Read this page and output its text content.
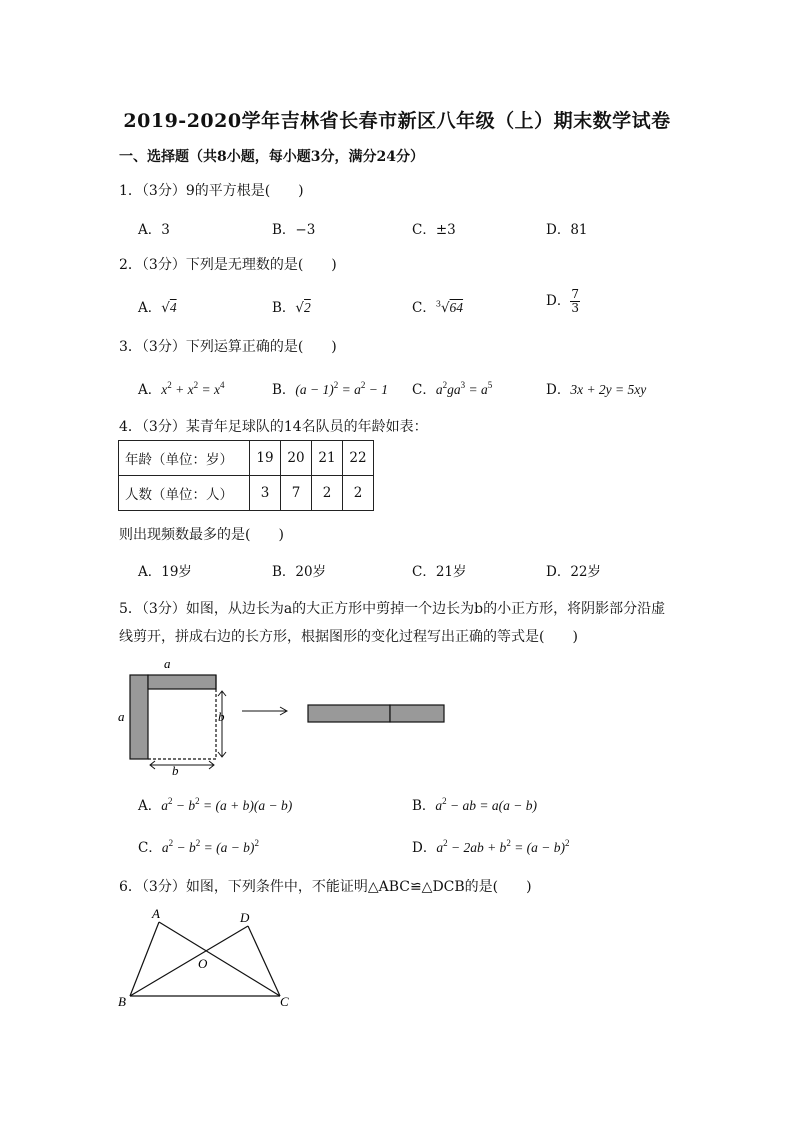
2019-2020学年吉林省长春市新区八年级（上）期末数学试卷
一、选择题（共8小题，每小题3分，满分24分）
1．（3分）9的平方根是(　　)
A．3	B．−3	C．±3	D．81
2．（3分）下列是无理数的是(　　)
A．√4	B．√2	C．$^3$√64	D． $\frac{7}{3}$
3．（3分）下列运算正确的是(　　)
A．$x^2 + x^2 = x^4$	B．$(a - 1)^2 = a^2 - 1$ C．$a^2ga^3 = a^5$	D．3x + 2y = 5xy
4．（3分）某青年足球队的14名队员的年龄如表：
年龄（单位：岁）	19	20	21	22
人数（单位：人）	3	7	2	2
则出现频数最多的是(　　)
A．19岁	B．20岁	C．21岁	D．22岁
5．（3分）如图，从边长为a的大正方形中剪掉一个边长为b的小正方形，将阴影部分沿虚
线剪开，拼成右边的长方形，根据图形的变化过程写出正确的等式是(　　)
a
a	b
b
A．$a^2 - b^2 = (a + b)(a - b)$	B．$a^2$ − ab = a(a − b)
C．$a^2 - b^2 = (a - b)^2$	D．$a^2 - 2ab + b^2 = (a - b)^2$
6．（3分）如图，下列条件中，不能证明△ABC≌△DCB的是(　　)
A	D
O
B	C
